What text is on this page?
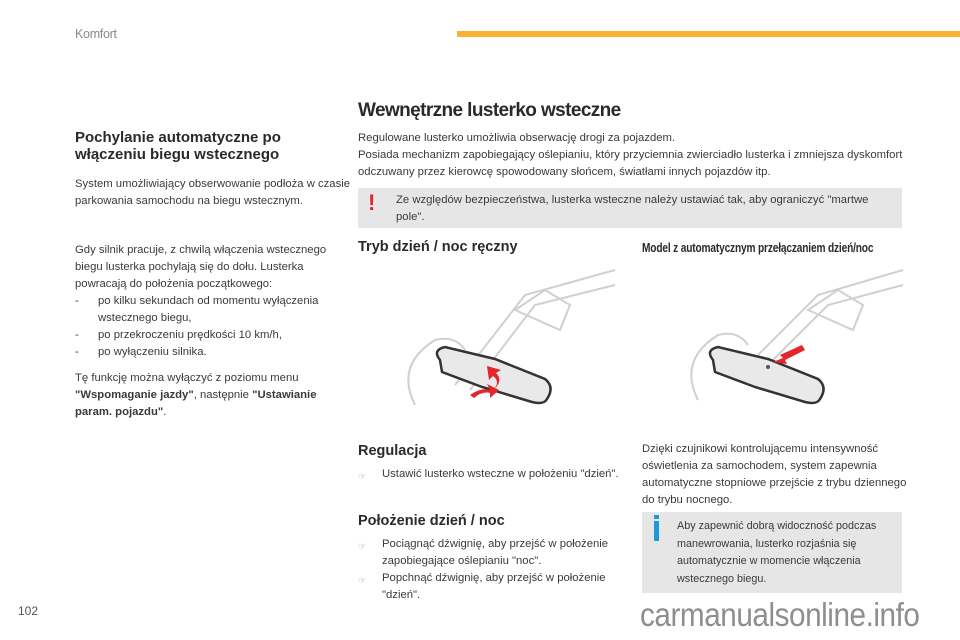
Komfort
Pochylanie automatyczne po włączeniu biegu wstecznego
System umożliwiający obserwowanie podłoża w czasie parkowania samochodu na biegu wstecznym.
Gdy silnik pracuje, z chwilą włączenia wstecznego biegu lusterka pochylają się do dołu. Lusterka powracają do położenia początkowego:
-	po kilku sekundach od momentu wyłączenia wstecznego biegu,
-	po przekroczeniu prędkości 10 km/h,
-	po wyłączeniu silnika.
Tę funkcję można wyłączyć z poziomu menu "Wspomaganie jazdy", następnie "Ustawianie param. pojazdu".
Wewnętrzne lusterko wsteczne
Regulowane lusterko umożliwia obserwację drogi za pojazdem.
Posiada mechanizm zapobiegający oślepianiu, który przyciemnia zwierciadło lusterka i zmniejsza dyskomfort odczuwany przez kierowcę spowodowany słońcem, światłami innych pojazdów itp.
! Ze względów bezpieczeństwa, lusterka wsteczne należy ustawiać tak, aby ograniczyć "martwe pole".
Tryb dzień / noc ręczny	Model z automatycznym przełączaniem dzień/noc
Regulacja
☞	Ustawić lusterko wsteczne w położeniu "dzień".
Położenie dzień / noc
☞	Pociągnąć dźwignię, aby przejść w położenie zapobiegające oślepianiu "noc".
☞	Popchnąć dźwignię, aby przejść w położenie "dzień".
Dzięki czujnikowi kontrolującemu intensywność oświetlenia za samochodem, system zapewnia automatyczne stopniowe przejście z trybu dziennego do trybu nocnego.
Aby zapewnić dobrą widoczność podczas manewrowania, lusterko rozjaśnia się automatycznie w momencie włączenia wstecznego biegu.
102	carmanualsonline.info
